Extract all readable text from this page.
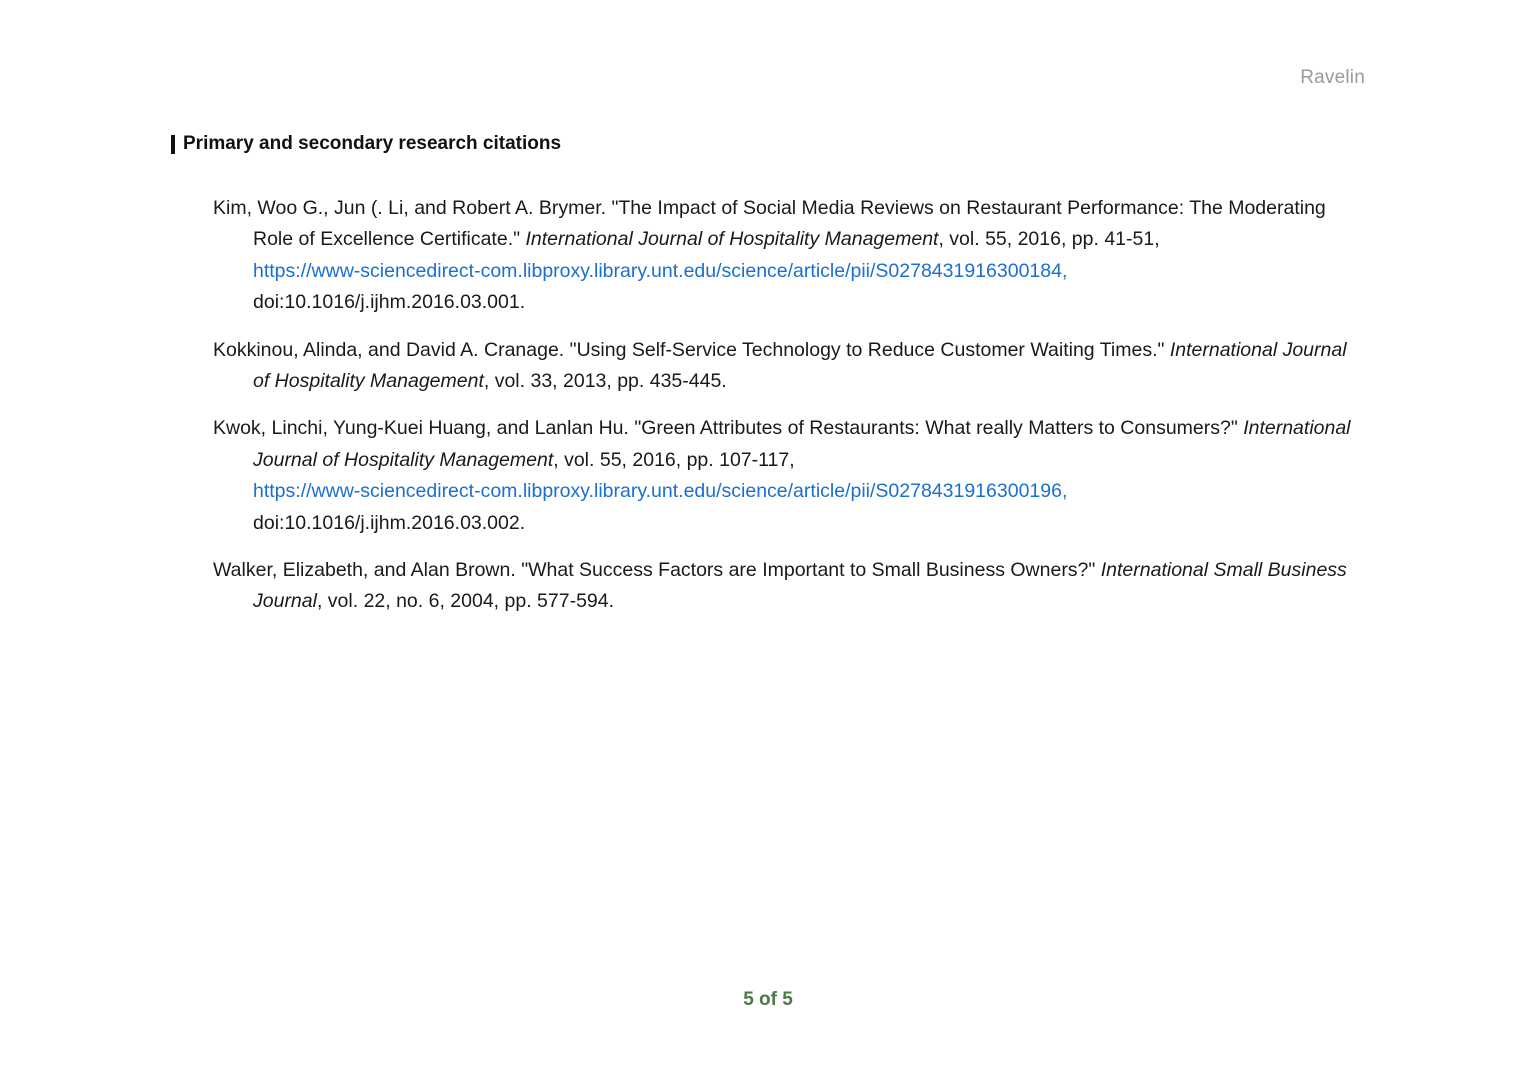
Ravelin
Primary and secondary research citations

Kim, Woo G., Jun (. Li, and Robert A. Brymer. "The Impact of Social Media Reviews on Restaurant Performance: The Moderating Role of Excellence Certificate." International Journal of Hospitality Management, vol. 55, 2016, pp. 41-51,
https://www-sciencedirect-com.libproxy.library.unt.edu/science/article/pii/S0278431916300184,
doi:10.1016/j.ijhm.2016.03.001.

Kokkinou, Alinda, and David A. Cranage. "Using Self-Service Technology to Reduce Customer Waiting Times." International Journal of Hospitality Management, vol. 33, 2013, pp. 435-445.

Kwok, Linchi, Yung-Kuei Huang, and Lanlan Hu. "Green Attributes of Restaurants: What really Matters to Consumers?" International Journal of Hospitality Management, vol. 55, 2016, pp. 107-117,
https://www-sciencedirect-com.libproxy.library.unt.edu/science/article/pii/S0278431916300196,
doi:10.1016/j.ijhm.2016.03.002.

Walker, Elizabeth, and Alan Brown. "What Success Factors are Important to Small Business Owners?" International Small Business Journal, vol. 22, no. 6, 2004, pp. 577-594.

5 of 5
